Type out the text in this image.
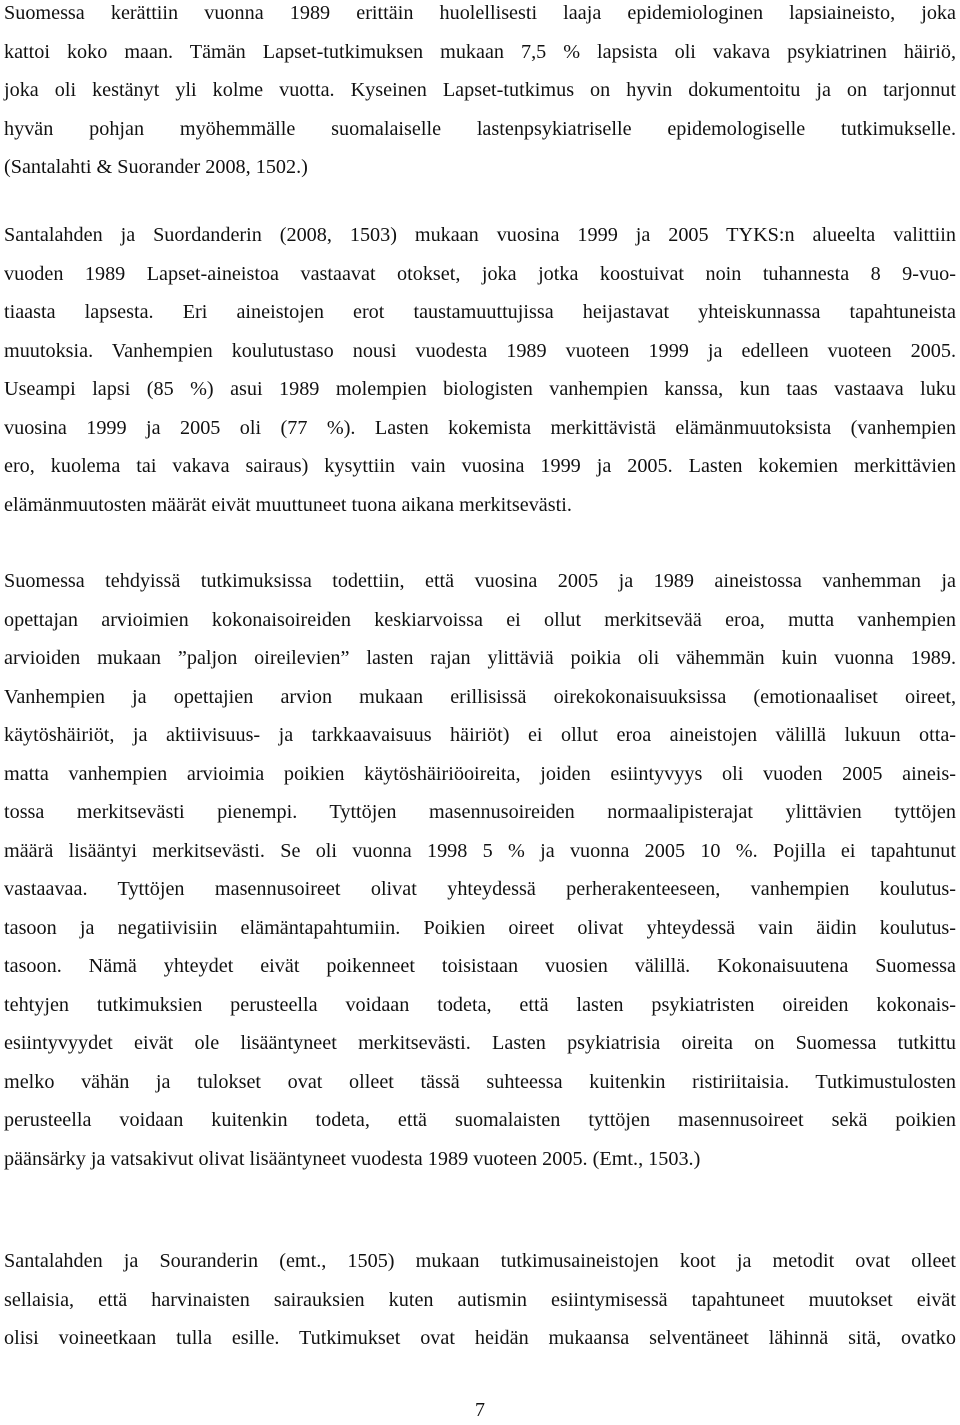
Suomessa kerättiin vuonna 1989 erittäin huolellisesti laaja epidemiologinen lapsiaineisto, joka
kattoi koko maan. Tämän Lapset-tutkimuksen mukaan 7,5 % lapsista oli vakava psykiatrinen häiriö,
joka oli kestänyt yli kolme vuotta. Kyseinen Lapset-tutkimus on hyvin dokumentoitu ja on tarjonnut
hyvän pohjan myöhemmälle suomalaiselle lastenpsykiatriselle epidemologiselle tutkimukselle.
(Santalahti & Suorander 2008, 1502.)

Santalahden ja Suordanderin (2008, 1503) mukaan vuosina 1999 ja 2005 TYKS:n alueelta valittiin
vuoden 1989 Lapset-aineistoa vastaavat otokset, joka jotka koostuivat noin tuhannesta 8 9-vuo-
tiaasta lapsesta. Eri aineistojen erot taustamuuttujissa heijastavat yhteiskunnassa tapahtuneista
muutoksia. Vanhempien koulutustaso nousi vuodesta 1989 vuoteen 1999 ja edelleen vuoteen 2005.
Useampi lapsi (85 %) asui 1989 molempien biologisten vanhempien kanssa, kun taas vastaava luku
vuosina 1999 ja 2005 oli (77 %). Lasten kokemista merkittävistä elämänmuutoksista (vanhempien
ero, kuolema tai vakava sairaus) kysyttiin vain vuosina 1999 ja 2005. Lasten kokemien merkittävien
elämänmuutosten määrät eivät muuttuneet tuona aikana merkitsevästi.

Suomessa tehdyissä tutkimuksissa todettiin, että vuosina 2005 ja 1989 aineistossa vanhemman ja
opettajan arvioimien kokonaisoireiden keskiarvoissa ei ollut merkitsevää eroa, mutta vanhempien
arvioiden mukaan ”paljon oireilevien” lasten rajan ylittäviä poikia oli vähemmän kuin vuonna 1989.
Vanhempien ja opettajien arvion mukaan erillisissä oirekokonaisuuksissa (emotionaaliset oireet,
käytöshäiriöt, ja aktiivisuus- ja tarkkaavaisuus häiriöt) ei ollut eroa aineistojen välillä lukuun otta-
matta vanhempien arvioimia poikien käytöshäiriöoireita, joiden esiintyvyys oli vuoden 2005 aineis-
tossa merkitsevästi pienempi. Tyttöjen masennusoireiden normaalipisterajat ylittävien tyttöjen
määrä lisääntyi merkitsevästi. Se oli vuonna 1998 5 % ja vuonna 2005 10 %. Pojilla ei tapahtunut
vastaavaa. Tyttöjen masennusoireet olivat yhteydessä perherakenteeseen, vanhempien koulutus-
tasoon ja negatiivisiin elämäntapahtumiin. Poikien oireet olivat yhteydessä vain äidin koulutus-
tasoon. Nämä yhteydet eivät poikenneet toisistaan vuosien välillä. Kokonaisuutena Suomessa
tehtyjen tutkimuksien perusteella voidaan todeta, että lasten psykiatristen oireiden kokonais-
esiintyvyydet eivät ole lisääntyneet merkitsevästi. Lasten psykiatrisia oireita on Suomessa tutkittu
melko vähän ja tulokset ovat olleet tässä suhteessa kuitenkin ristiriitaisia. Tutkimustulosten
perusteella voidaan kuitenkin todeta, että suomalaisten tyttöjen masennusoireet sekä poikien
päänsärky ja vatsakivut olivat lisääntyneet vuodesta 1989 vuoteen 2005. (Emt., 1503.)

Santalahden ja Souranderin (emt., 1505) mukaan tutkimusaineistojen koot ja metodit ovat olleet
sellaisia, että harvinaisten sairauksien kuten autismin esiintymisessä tapahtuneet muutokset eivät
olisi voineetkaan tulla esille. Tutkimukset ovat heidän mukaansa selventäneet lähinnä sitä, ovatko

7
